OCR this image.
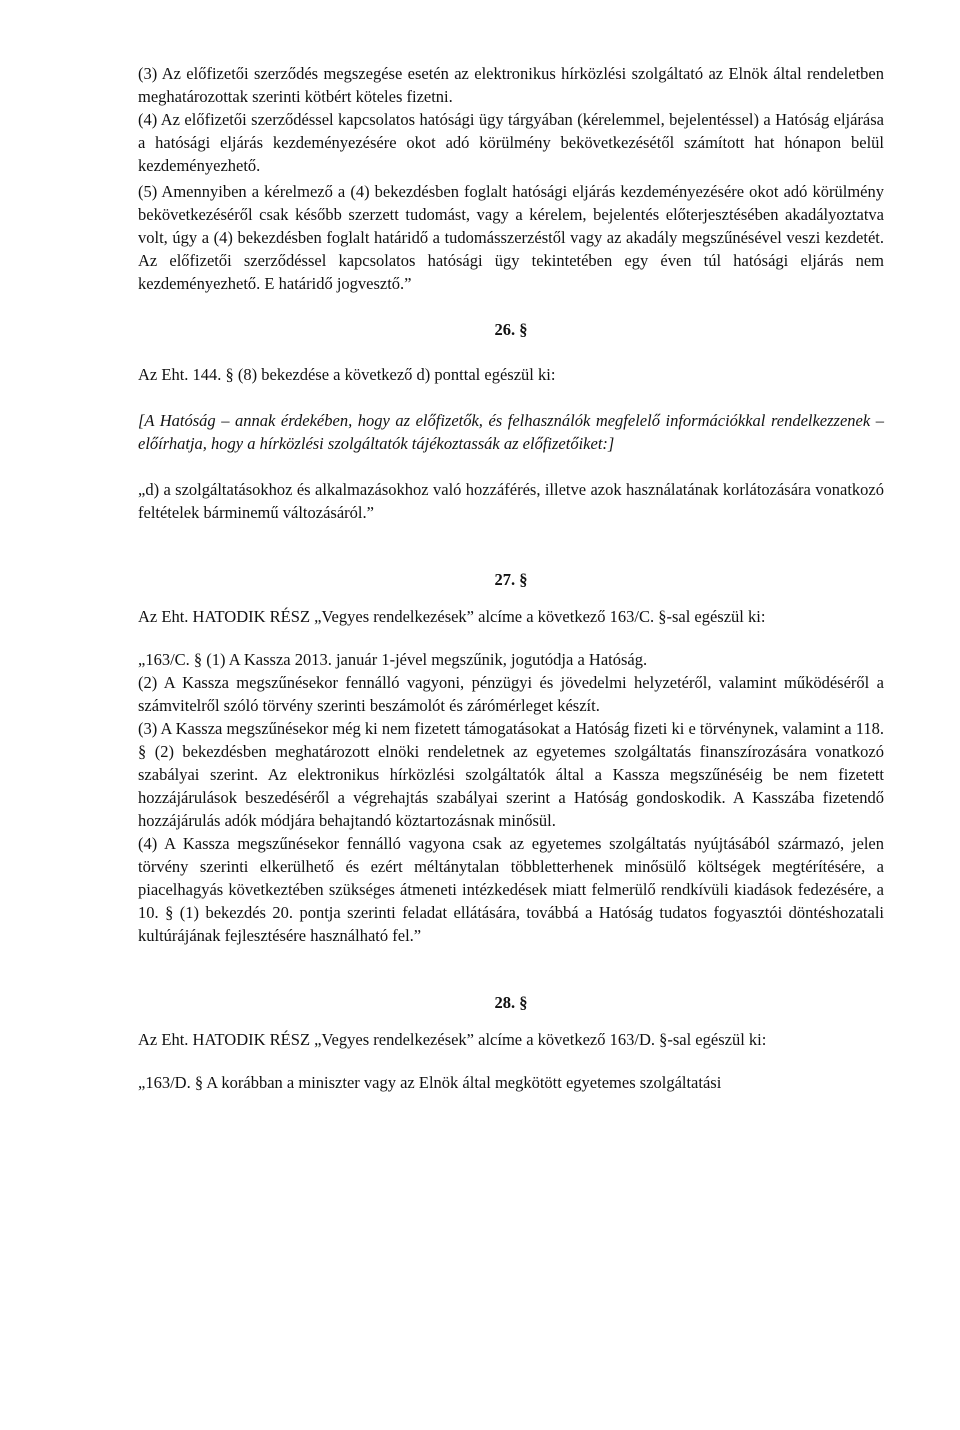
(3) Az előfizetői szerződés megszegése esetén az elektronikus hírközlési szolgáltató az Elnök által rendeletben meghatározottak szerinti kötbért köteles fizetni.

(4) Az előfizetői szerződéssel kapcsolatos hatósági ügy tárgyában (kérelemmel, bejelentéssel) a Hatóság eljárása a hatósági eljárás kezdeményezésére okot adó körülmény bekövetkezésétől számított hat hónapon belül kezdeményezhető.

(5) Amennyiben a kérelmező a (4) bekezdésben foglalt hatósági eljárás kezdeményezésére okot adó körülmény bekövetkezéséről csak később szerzett tudomást, vagy a kérelem, bejelentés előterjesztésében akadályoztatva volt, úgy a (4) bekezdésben foglalt határidő a tudomásszerzéstől vagy az akadály megszűnésével veszi kezdetét. Az előfizetői szerződéssel kapcsolatos hatósági ügy tekintetében egy éven túl hatósági eljárás nem kezdeményezhető. E határidő jogvesztő.”

26. §

Az Eht. 144. § (8) bekezdése a következő d) ponttal egészül ki:

[A Hatóság – annak érdekében, hogy az előfizetők, és felhasználók megfelelő információkkal rendelkezzenek – előírhatja, hogy a hírközlési szolgáltatók tájékoztassák az előfizetőiket:]

„d) a szolgáltatásokhoz és alkalmazásokhoz való hozzáférés, illetve azok használatának korlátozására vonatkozó feltételek bárminemű változásáról.”

27. §

Az Eht. HATODIK RÉSZ „Vegyes rendelkezések” alcíme a következő 163/C. §-sal egészül ki:

„163/C. § (1) A Kassza 2013. január 1-jével megszűnik, jogutódja a Hatóság.

(2) A Kassza megszűnésekor fennálló vagyoni, pénzügyi és jövedelmi helyzetéről, valamint működéséről a számvitelről szóló törvény szerinti beszámolót és zárómérleget készít.

(3) A Kassza megszűnésekor még ki nem fizetett támogatásokat a Hatóság fizeti ki e törvénynek, valamint a 118. § (2) bekezdésben meghatározott elnöki rendeletnek az egyetemes szolgáltatás finanszírozására vonatkozó szabályai szerint. Az elektronikus hírközlési szolgáltatók által a Kassza megszűnéséig be nem fizetett hozzájárulások beszedéséről a végrehajtás szabályai szerint a Hatóság gondoskodik. A Kasszába fizetendő hozzájárulás adók módjára behajtandó köztartozásnak minősül.

(4) A Kassza megszűnésekor fennálló vagyona csak az egyetemes szolgáltatás nyújtásából származó, jelen törvény szerinti elkerülhető és ezért méltánytalan többletterhenek minősülő költségek megtérítésére, a piacelhagyás következtében szükséges átmeneti intézkedések miatt felmerülő rendkívüli kiadások fedezésére, a 10. § (1) bekezdés 20. pontja szerinti feladat ellátására, továbbá a Hatóság tudatos fogyasztói döntéshozatali kultúrájának fejlesztésére használható fel.”

28. §

Az Eht. HATODIK RÉSZ „Vegyes rendelkezések” alcíme a következő 163/D. §-sal egészül ki:

„163/D. § A korábban a miniszter vagy az Elnök által megkötött egyetemes szolgáltatási
